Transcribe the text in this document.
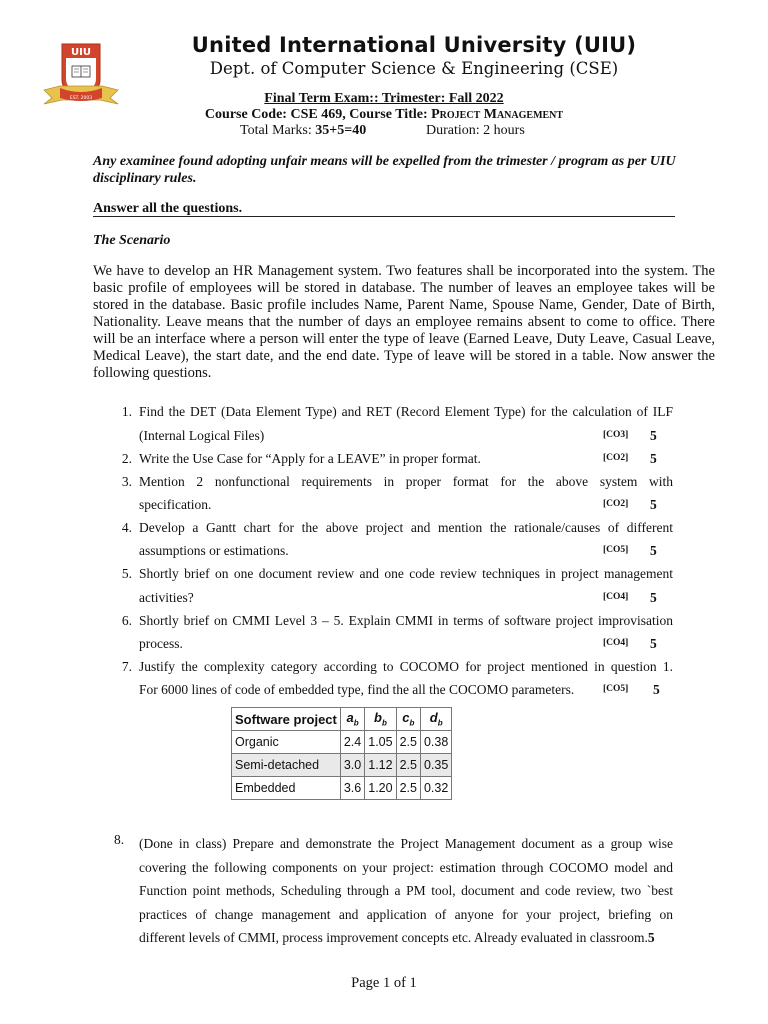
UIU
EST. 2003
United International University (UIU)
Dept. of Computer Science & Engineering (CSE)
Final Term Exam:: Trimester: Fall 2022
Course Code: CSE 469, Course Title: Project Management
Total Marks: 35+5=40	Duration: 2 hours
Any examinee found adopting unfair means will be expelled from the trimester / program as per UIU disciplinary rules.
Answer all the questions.
The Scenario
We have to develop an HR Management system. Two features shall be incorporated into the system. The basic profile of employees will be stored in database. The number of leaves an employee takes will be stored in the database. Basic profile includes Name, Parent Name, Spouse Name, Gender, Date of Birth, Nationality. Leave means that the number of days an employee remains absent to come to office. There will be an interface where a person will enter the type of leave (Earned Leave, Duty Leave, Casual Leave, Medical Leave), the start date, and the end date. Type of leave will be stored in a table. Now answer the following questions.
1. Find the DET (Data Element Type) and RET (Record Element Type) for the calculation of ILF
(Internal Logical Files)	[CO3] 5
2. Write the Use Case for “Apply for a LEAVE” in proper format.	[CO2] 5
3. Mention 2 nonfunctional requirements in proper format for the above system with
specification.	[CO2] 5
4. Develop a Gantt chart for the above project and mention the rationale/causes of different
assumptions or estimations.	[CO5] 5
5. Shortly brief on one document review and one code review techniques in project management
activities?	[CO4] 5
6. Shortly brief on CMMI Level 3 – 5. Explain CMMI in terms of software project improvisation
process.	[CO4] 5
7. Justify the complexity category according to COCOMO for project mentioned in question 1.
For 6000 lines of code of embedded type, find the all the COCOMO parameters.	[CO5] 5
Software project	$a_b$	$b_b$	$c_b$	$d_b$
Organic	2.4	1.05	2.5	0.38
Semi-detached	3.0	1.12	2.5	0.35
Embedded	3.6	1.20	2.5	0.32
8. (Done in class) Prepare and demonstrate the Project Management document as a group wise
covering the following components on your project: estimation through COCOMO model and
Function point methods, Scheduling through a PM tool, document and code review, two `best
practices of change management and application of anyone for your project, briefing on
different levels of CMMI, process improvement concepts etc. Already evaluated in classroom.5
Page 1 of 1
